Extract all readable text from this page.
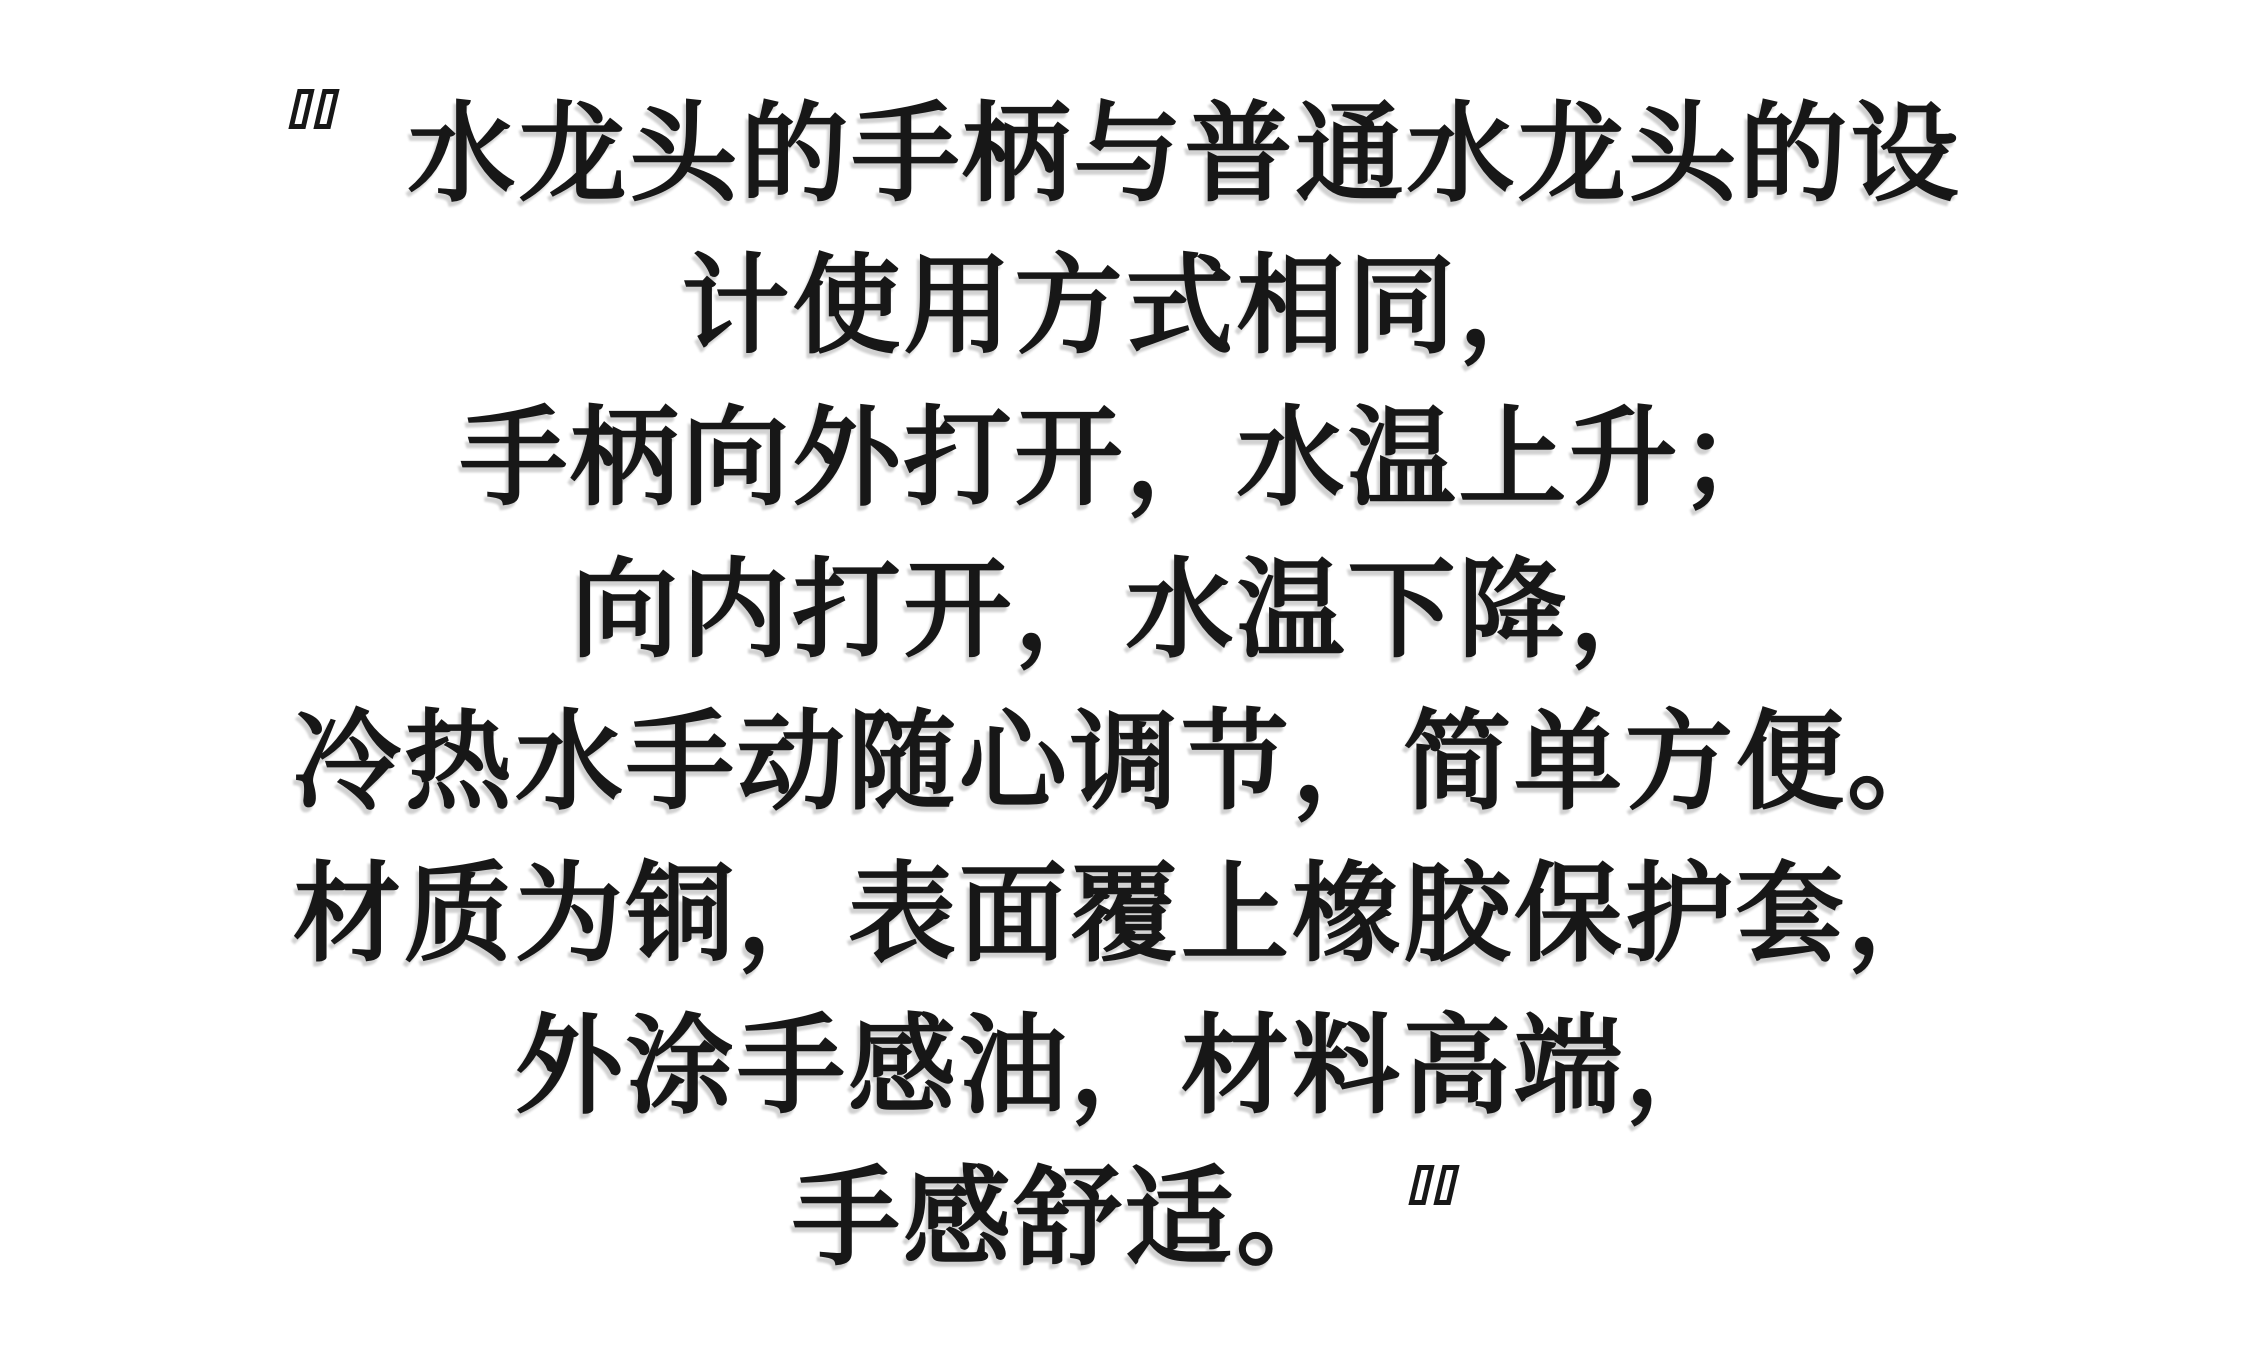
水龙头的手柄与普通水龙头的设
计使用方式相同，
手柄向外打开，水温上升；
向内打开，水温下降，
冷热水手动随心调节，简单方便。
材质为铜，表面覆上橡胶保护套，
外涂手感油，材料高端，
手感舒适。
